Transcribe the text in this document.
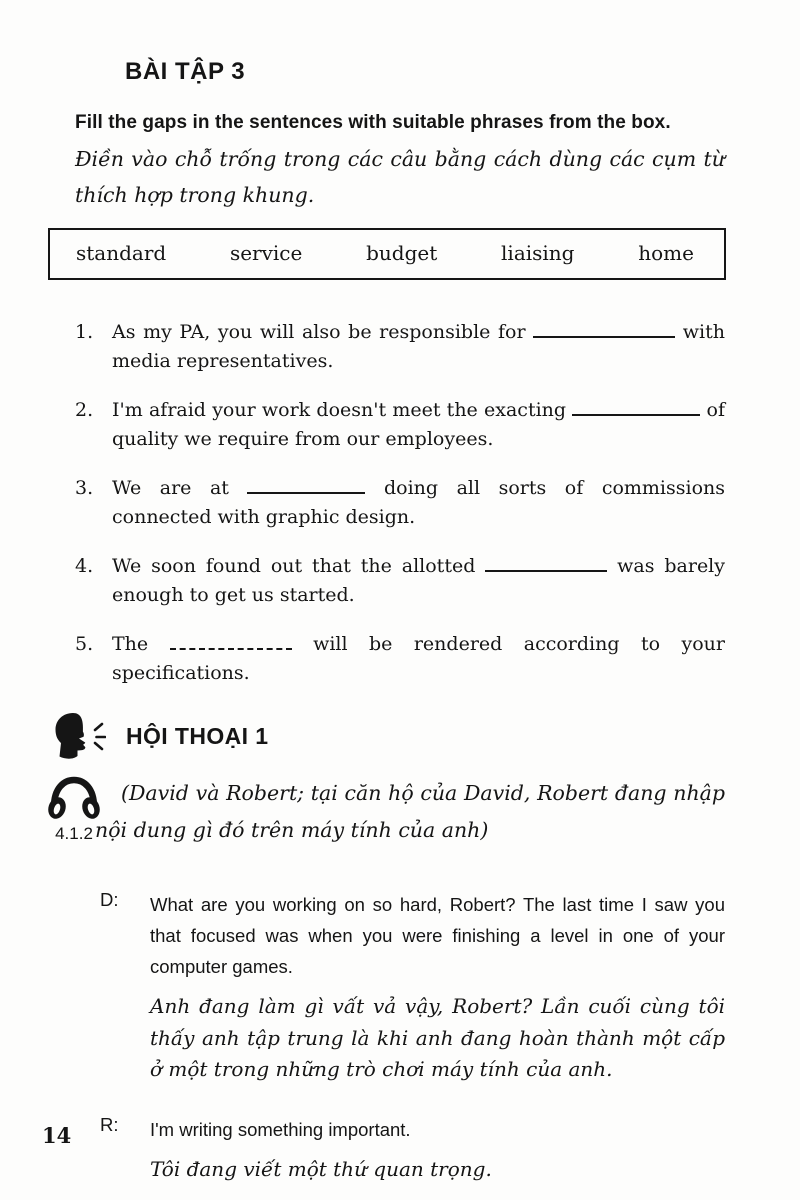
BÀI TẬP 3

Fill the gaps in the sentences with suitable phrases from the box.

Điền vào chỗ trống trong các câu bằng cách dùng các cụm từ thích hợp trong khung.

standard	service	budget	liaising	home
1. As my PA, you will also be responsible for	with media representatives.
2. I'm afraid your work doesn't meet the exacting	of quality we require from our employees.
3. We are at	doing all sorts of commissions connected with graphic design.
4. We soon found out that the allotted	was barely enough to get us started.
5. The	will be rendered according to your specifications.
HỘI THOẠI 1
4.1.2

(David và Robert; tại căn hộ của David, Robert đang nhập nội dung gì đó trên máy tính của anh)

D:	What are you working on so hard, Robert? The last time I saw you that focused was when you were finishing a level in one of your computer games.

Anh đang làm gì vất vả vậy, Robert? Lần cuối cùng tôi thấy anh tập trung là khi anh đang hoàn thành một cấp ở một trong những trò chơi máy tính của anh.

R:	I'm writing something important.

Tôi đang viết một thứ quan trọng.

14
